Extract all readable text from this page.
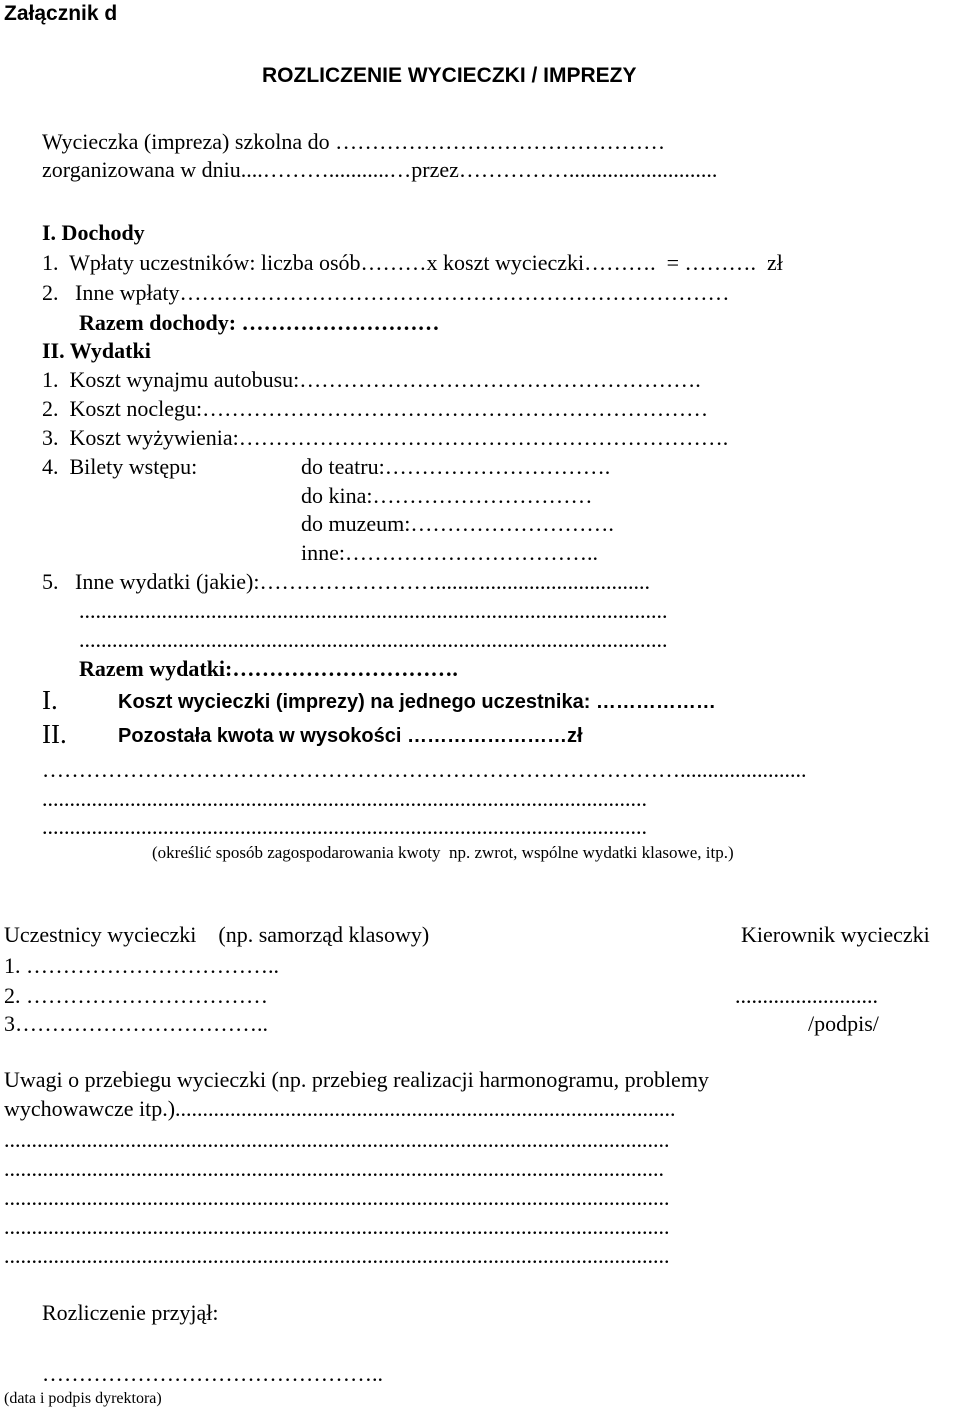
Załącznik d
ROZLICZENIE WYCIECZKI / IMPREZY
Wycieczka (impreza) szkolna do ………………………………………
zorganizowana w dniu....………...........…przez……………...........................
I. Dochody
1.  Wpłaty uczestników: liczba osób………x koszt wycieczki……….  = ……….  zł
2.   Inne wpłaty…………………………………………………………………
Razem dochody: ………………………
II. Wydatki
1.  Koszt wynajmu autobusu:……………………………………………….
2.  Koszt noclegu:……………………………………………………………
3.  Koszt wyżywienia:………………………………………………………….
4.  Bilety wstępu:	do teatru:………………………….
do kina:…………………………
do muzeum:……………………….
inne:……………………………..
5.   Inne wydatki (jakie):…………………….......................................
...........................................................................................................
...........................................................................................................
Razem wydatki:………………………….
I.	Koszt wycieczki (imprezy) na jednego uczestnika: ………………
II.	Pozostała kwota w wysokości ……………………zł
…………………………………………………………………………….......................
..............................................................................................................
..............................................................................................................
(określić sposób zagospodarowania kwoty  np. zwrot, wspólne wydatki klasowe, itp.)
Uczestnicy wycieczki    (np. samorząd klasowy)	Kierownik wycieczki
1. ……………………………..
2. ……………………………	..........................
3……………………………..	/podpis/
Uwagi o przebiegu wycieczki (np. przebieg realizacji harmonogramu, problemy
wychowawcze itp.)...........................................................................................
.........................................................................................................................
........................................................................................................................
.........................................................................................................................
.........................................................................................................................
.........................................................................................................................
Rozliczenie przyjął:
………………………………………..
(data i podpis dyrektora)
